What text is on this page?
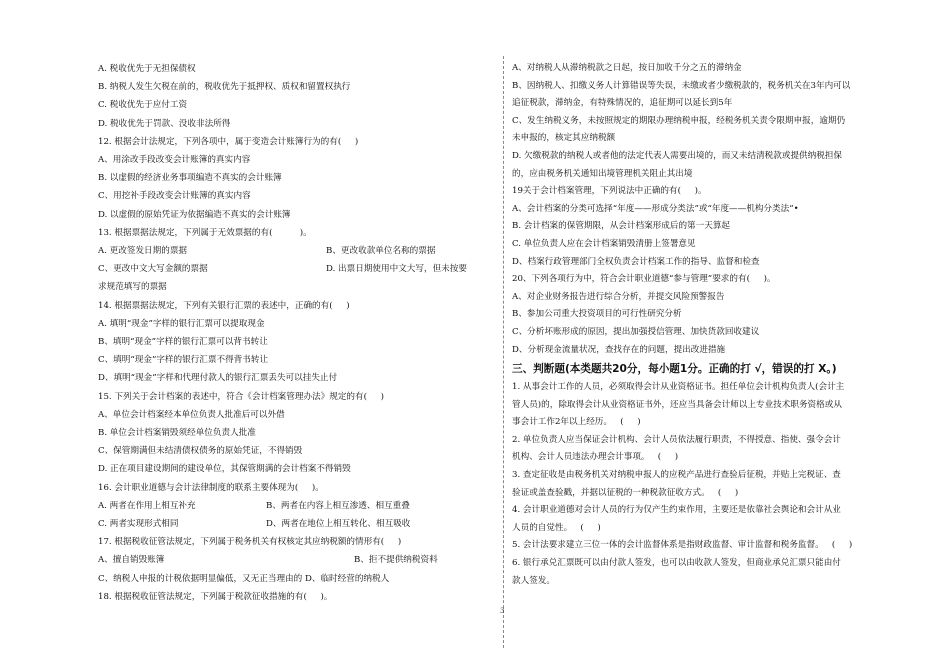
A. 税收优先于无担保债权
B. 纳税人发生欠税在前的，税收优先于抵押权、质权和留置权执行
C. 税收优先于应付工资
D. 税收优先于罚款、没收非法所得
12. 根据会计法规定，下列各项中，属于变造会计账簿行为的有(     )
A、用涂改手段改变会计账簿的真实内容
B. 以虚假的经济业务事项编造不真实的会计账簿
C、用挖补手段改变会计账簿的真实内容
D. 以虚假的原始凭证为依据编造不真实的会计账簿
13. 根据票据法规定，下列属于无效票据的有(          )。
A. 更改签发日期的票据	B、更改收款单位名称的票据
C、更改中文大写金额的票据	D. 出票日期使用中文大写，但未按要
求规范填写的票据
14. 根据票据法规定，下列有关银行汇票的表述中，正确的有(     )
A. 填明“现金”字样的银行汇票可以提取现金
B、填明“现金”字样的银行汇票可以背书转让
C、填明“现金”字样的银行汇票不得背书转让
D、填明“现金”字样和代理付款人的银行汇票丢失可以挂失止付
15. 下列关于会计档案的表述中，符合《会计档案管理办法》规定的有(     )
A、单位会计档案经本单位负责人批准后可以外借
B. 单位会计档案销毁须经单位负责人批准
C、保管期满但未结清债权债务的原始凭证，不得销毁
D. 正在项目建设期间的建设单位，其保管期满的会计档案不得销毁
16. 会计职业道德与会计法律制度的联系主要体现为(     )。
A. 两者在作用上相互补充	B、两者在内容上相互渗透、相互重叠
C. 两者实现形式相同	D、两者在地位上相互转化、相互吸收
17. 根据税收征管法规定，下列属于税务机关有权核定其应纳税额的情形有(     )
A、擅自销毁账簿	B、拒不提供纳税资料
C、纳税人申报的计税依据明显偏低，又无正当理由的 D、临时经营的纳税人
18. 根据税收征管法规定，下列属于税款征收措施的有(     )。
A、对纳税人从滞纳税款之日起，按日加收千分之五的滞纳金
B、因纳税人、扣缴义务人计算错误等失误，未缴或者少缴税款的，税务机关在3年内可以
追征税款，滞纳金，有特殊情况的，追征期可以延长到5年
C、发生纳税义务，未按照规定的期限办理纳税申报，经税务机关责令限期申报，逾期仍
未申报的，核定其应纳税额
D. 欠缴税款的纳税人或者他的法定代表人需要出境的，而又未结清税款或提供纳税担保
的，应由税务机关通知出境管理机关阻止其出境
19关于会计档案管理，下列说法中正确的有(     )。
A、会计档案的分类可选择“年度——形成分类法”或“年度——机构分类法”•
B. 会计档案的保管期限，从会计档案形成后的第一天算起
C. 单位负责人应在会计档案销毁清册上签署意见
D、档案行政管理部门全权负责会计档案工作的指导、监督和检查
20、下列各项行为中，符合会计职业道德“参与管理”要求的有(     )。
A、对企业财务报告进行综合分析，并提交风险预警报告
B、参加公司重大投资项目的可行性研究分析
C、分析坏账形成的原因，提出加强授信管理、加快货款回收建议
D、分析现金流量状况，查找存在的问题，提出改进措施
三、判断题(本类题共20分，每小题1分。正确的打 √，错误的打 X。)
1. 从事会计工作的人员，必须取得会计从业资格证书。担任单位会计机构负责人(会计主
管人员)的，除取得会计从业资格证书外，还应当具备会计师以上专业技术职务资格或从
事会计工作2年以上经历。   (     )
2. 单位负责人应当保证会计机构、会计人员依法履行职责，不得授意、指使、强令会计
机构、会计人员违法办理会计事项。   (     )
3. 查定征收是由税务机关对纳税申报人的应税产品进行查验后征税，并贴上完税证、查
验证或盖查验戳，并据以征税的一种税款征收方式。   (     )
4. 会计职业道德对会计人员的行为仅产生约束作用，主要还是依靠社会舆论和会计从业
人员的自觉性。   (     )
5. 会计法要求建立三位一体的会计监督体系是指财政监督、审计监督和税务监督。   (     )
6. 银行承兑汇票既可以由付款人签发，也可以由收款人签发，但商业承兑汇票只能由付
款人签发。
3
